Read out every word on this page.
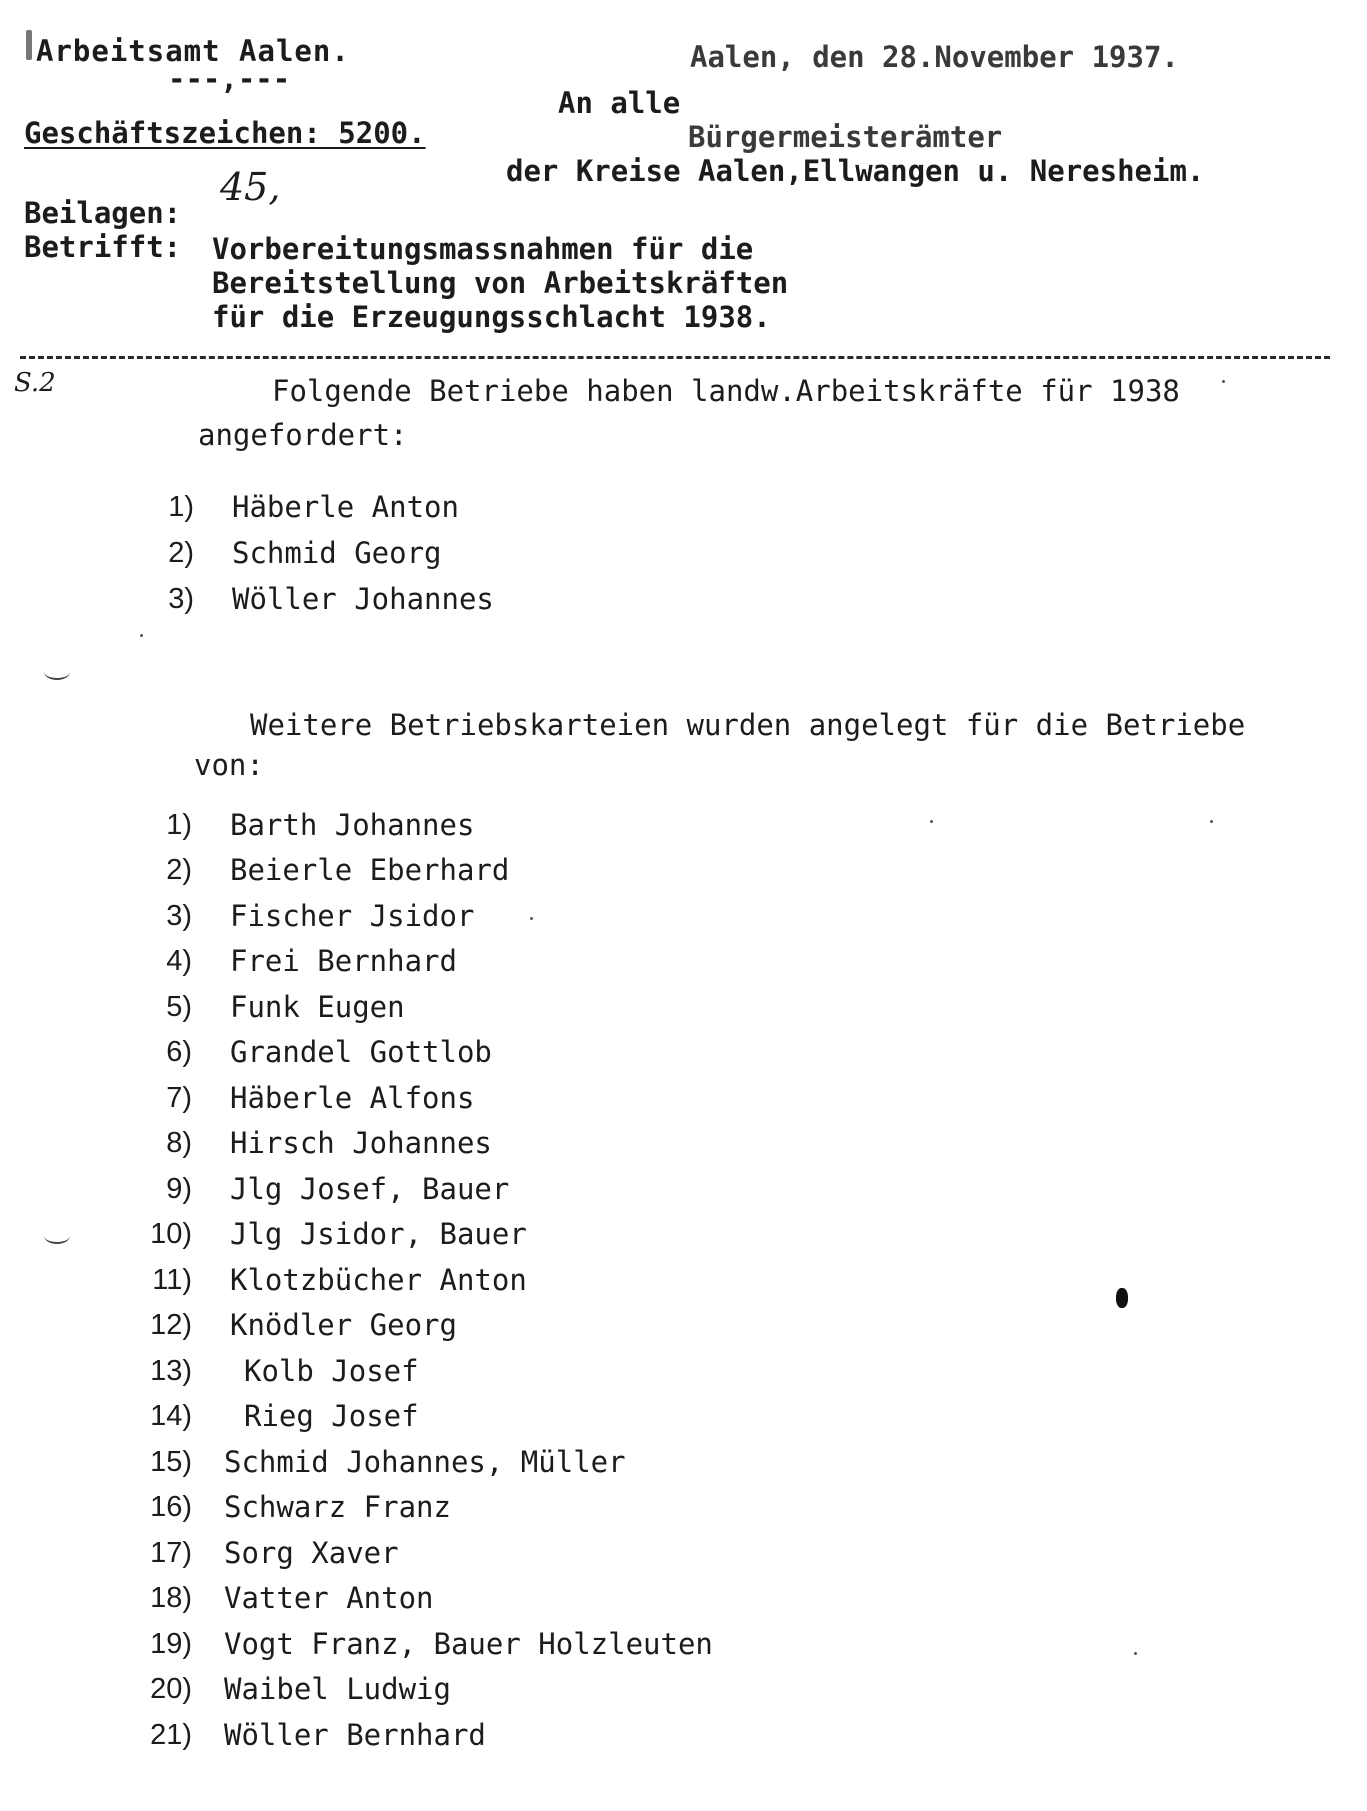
Arbeitsamt Aalen.
---,---
Aalen, den 28.November 1937.
Geschäftszeichen: 5200.
An alle
Bürgermeisterämter
der Kreise Aalen,Ellwangen u. Neresheim.
Beilagen:
45,
Betrifft: Vorbereitungsmassnahmen für die
Bereitstellung von Arbeitskräften
für die Erzeugungsschlacht 1938.
S.2	Folgende Betriebe haben landw.Arbeitskräfte für 1938
angefordert:
1) Häberle Anton
2) Schmid Georg
3) Wöller Johannes
Weitere Betriebskarteien wurden angelegt für die Betriebe
von:
1) Barth Johannes
2) Beierle Eberhard
3) Fischer Jsidor
4) Frei Bernhard
5) Funk Eugen
6) Grandel Gottlob
7) Häberle Alfons
8) Hirsch Johannes
9) Jlg Josef, Bauer
10) Jlg Jsidor, Bauer
11) Klotzbücher Anton
12) Knödler Georg
13) Kolb Josef
14) Rieg Josef
15) Schmid Johannes, Müller
16) Schwarz Franz
17) Sorg Xaver
18) Vatter Anton
19) Vogt Franz, Bauer Holzleuten
20) Waibel Ludwig
21) Wöller Bernhard
